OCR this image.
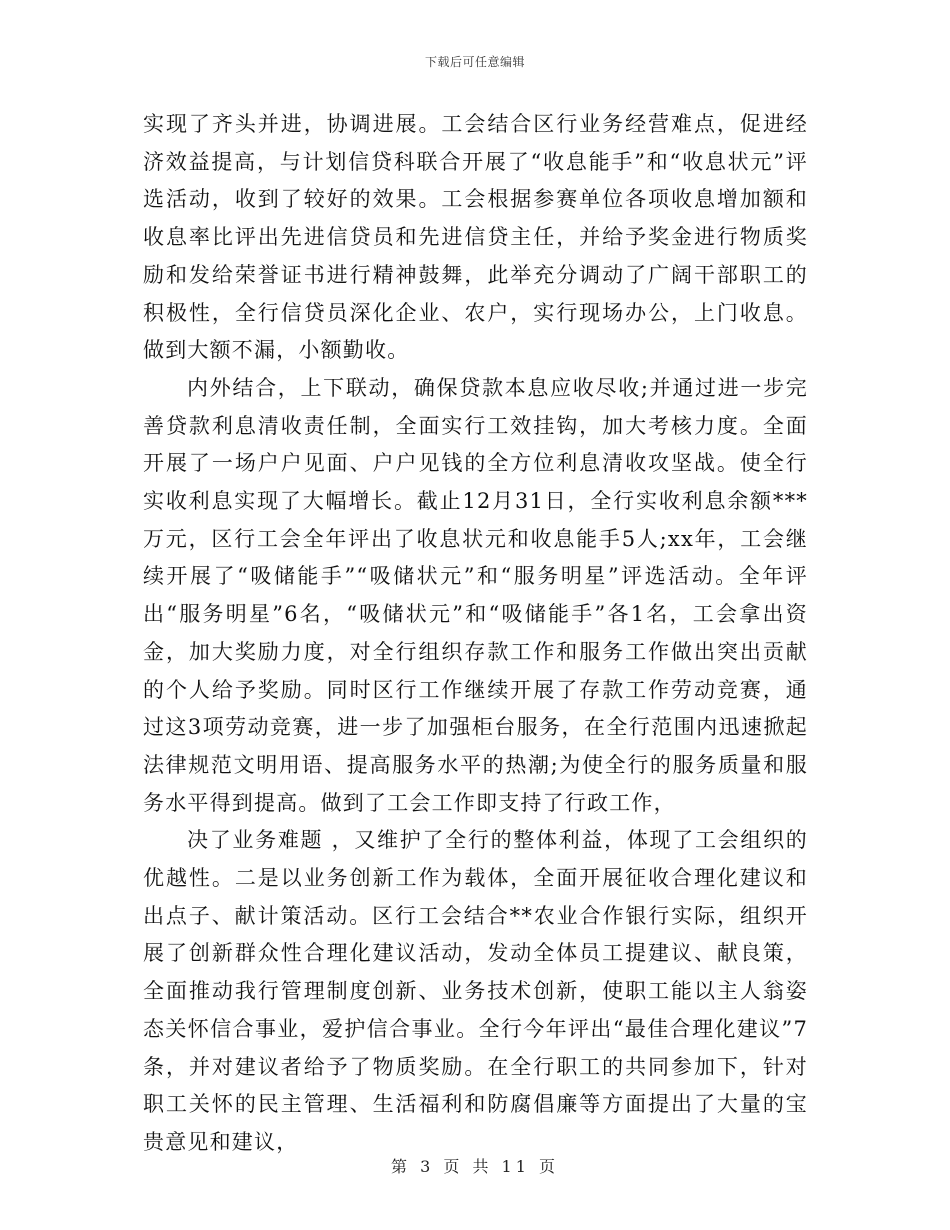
下载后可任意编辑

实现了齐头并进，协调进展。工会结合区行业务经营难点，促进经济效益提高，与计划信贷科联合开展了“收息能手”和“收息状元”评选活动，收到了较好的效果。工会根据参赛单位各项收息增加额和收息率比评出先进信贷员和先进信贷主任，并给予奖金进行物质奖励和发给荣誉证书进行精神鼓舞，此举充分调动了广阔干部职工的积极性，全行信贷员深化企业、农户，实行现场办公，上门收息。做到大额不漏，小额勤收。

内外结合，上下联动，确保贷款本息应收尽收;并通过进一步完善贷款利息清收责任制，全面实行工效挂钩，加大考核力度。全面开展了一场户户见面、户户见钱的全方位利息清收攻坚战。使全行实收利息实现了大幅增长。截止12月31日，全行实收利息余额***万元，区行工会全年评出了收息状元和收息能手5人;xx年，工会继续开展了“吸储能手”“吸储状元”和“服务明星”评选活动。全年评出“服务明星”6名，“吸储状元”和“吸储能手”各1名，工会拿出资金，加大奖励力度，对全行组织存款工作和服务工作做出突出贡献的个人给予奖励。同时区行工作继续开展了存款工作劳动竞赛，通过这3项劳动竞赛，进一步了加强柜台服务，在全行范围内迅速掀起法律规范文明用语、提高服务水平的热潮;为使全行的服务质量和服务水平得到提高。做到了工会工作即支持了行政工作，

决了业务难题 ，又维护了全行的整体利益，体现了工会组织的优越性。二是以业务创新工作为载体，全面开展征收合理化建议和出点子、献计策活动。区行工会结合**农业合作银行实际，组织开展了创新群众性合理化建议活动，发动全体员工提建议、献良策，全面推动我行管理制度创新、业务技术创新，使职工能以主人翁姿态关怀信合事业，爱护信合事业。全行今年评出“最佳合理化建议”7条，并对建议者给予了物质奖励。在全行职工的共同参加下，针对职工关怀的民主管理、生活福利和防腐倡廉等方面提出了大量的宝贵意见和建议，

第 3 页 共 11 页
